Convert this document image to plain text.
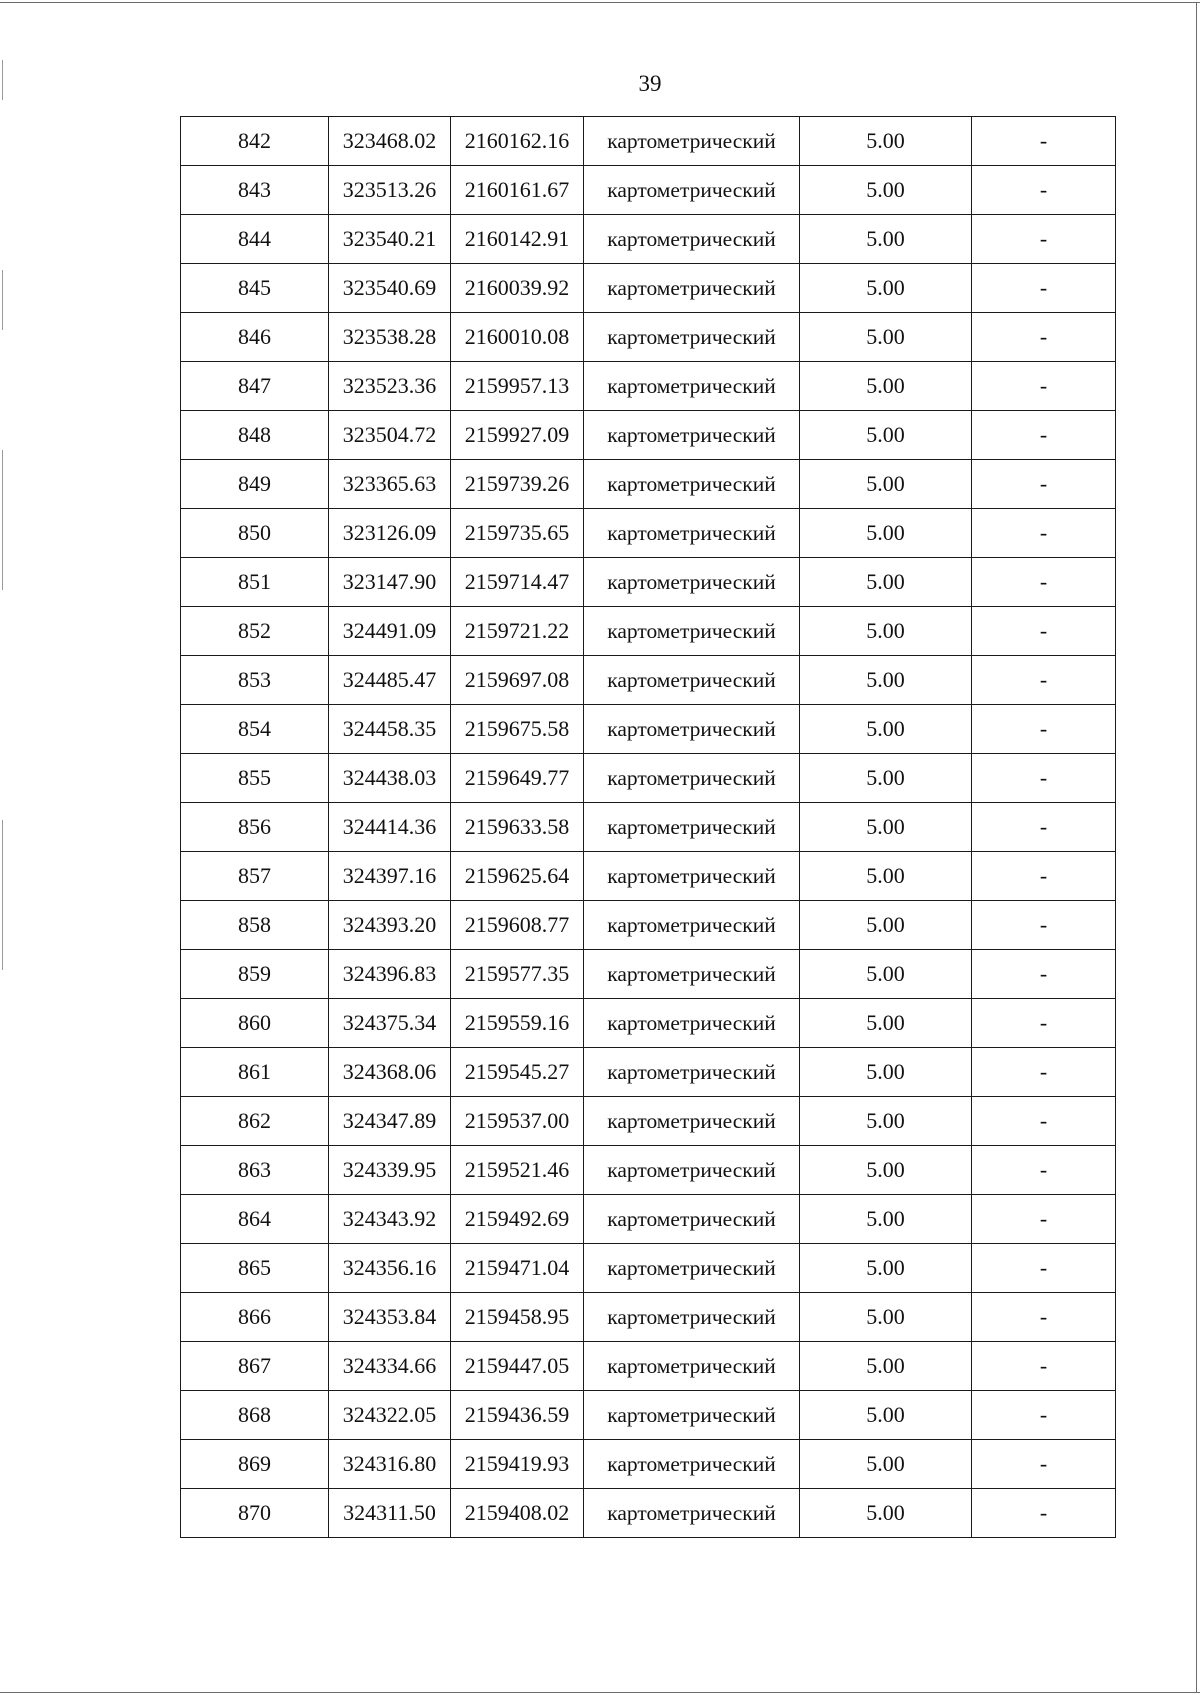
39
842	323468.02	2160162.16	картометрический	5.00	-
843	323513.26	2160161.67	картометрический	5.00	-
844	323540.21	2160142.91	картометрический	5.00	-
845	323540.69	2160039.92	картометрический	5.00	-
846	323538.28	2160010.08	картометрический	5.00	-
847	323523.36	2159957.13	картометрический	5.00	-
848	323504.72	2159927.09	картометрический	5.00	-
849	323365.63	2159739.26	картометрический	5.00	-
850	323126.09	2159735.65	картометрический	5.00	-
851	323147.90	2159714.47	картометрический	5.00	-
852	324491.09	2159721.22	картометрический	5.00	-
853	324485.47	2159697.08	картометрический	5.00	-
854	324458.35	2159675.58	картометрический	5.00	-
855	324438.03	2159649.77	картометрический	5.00	-
856	324414.36	2159633.58	картометрический	5.00	-
857	324397.16	2159625.64	картометрический	5.00	-
858	324393.20	2159608.77	картометрический	5.00	-
859	324396.83	2159577.35	картометрический	5.00	-
860	324375.34	2159559.16	картометрический	5.00	-
861	324368.06	2159545.27	картометрический	5.00	-
862	324347.89	2159537.00	картометрический	5.00	-
863	324339.95	2159521.46	картометрический	5.00	-
864	324343.92	2159492.69	картометрический	5.00	-
865	324356.16	2159471.04	картометрический	5.00	-
866	324353.84	2159458.95	картометрический	5.00	-
867	324334.66	2159447.05	картометрический	5.00	-
868	324322.05	2159436.59	картометрический	5.00	-
869	324316.80	2159419.93	картометрический	5.00	-
870	324311.50	2159408.02	картометрический	5.00	-
